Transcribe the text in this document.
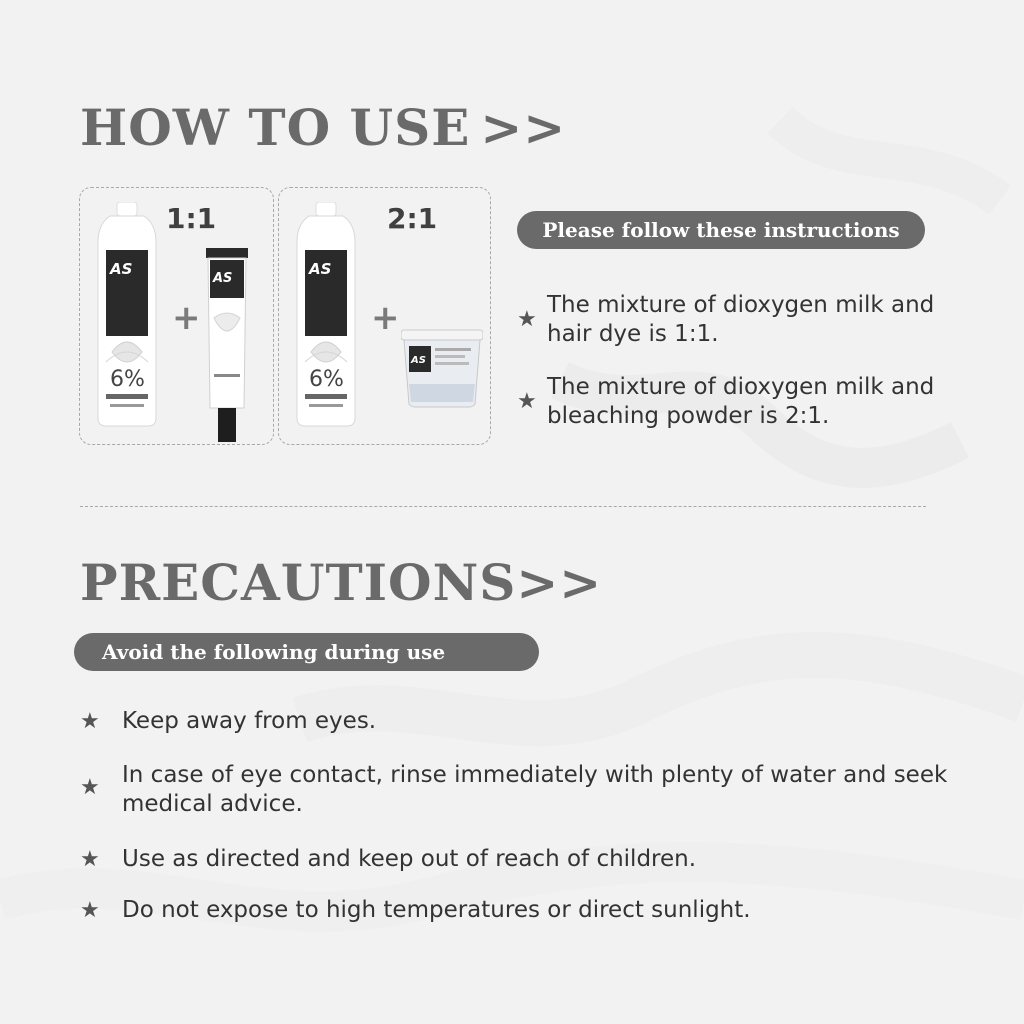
HOW TO USE >>
1:1
AS
6%
+
AS
2:1
AS
6%
+
AS
Please follow these instructions
★
The mixture of dioxygen milk and hair dye is 1:1.
★
The mixture of dioxygen milk and bleaching powder is 2:1.
PRECAUTIONS>>
Avoid the following during use
★ Keep away from eyes.
★ In case of eye contact, rinse immediately with plenty of water and seek medical advice.
★ Use as directed and keep out of reach of children.
★ Do not expose to high temperatures or direct sunlight.
